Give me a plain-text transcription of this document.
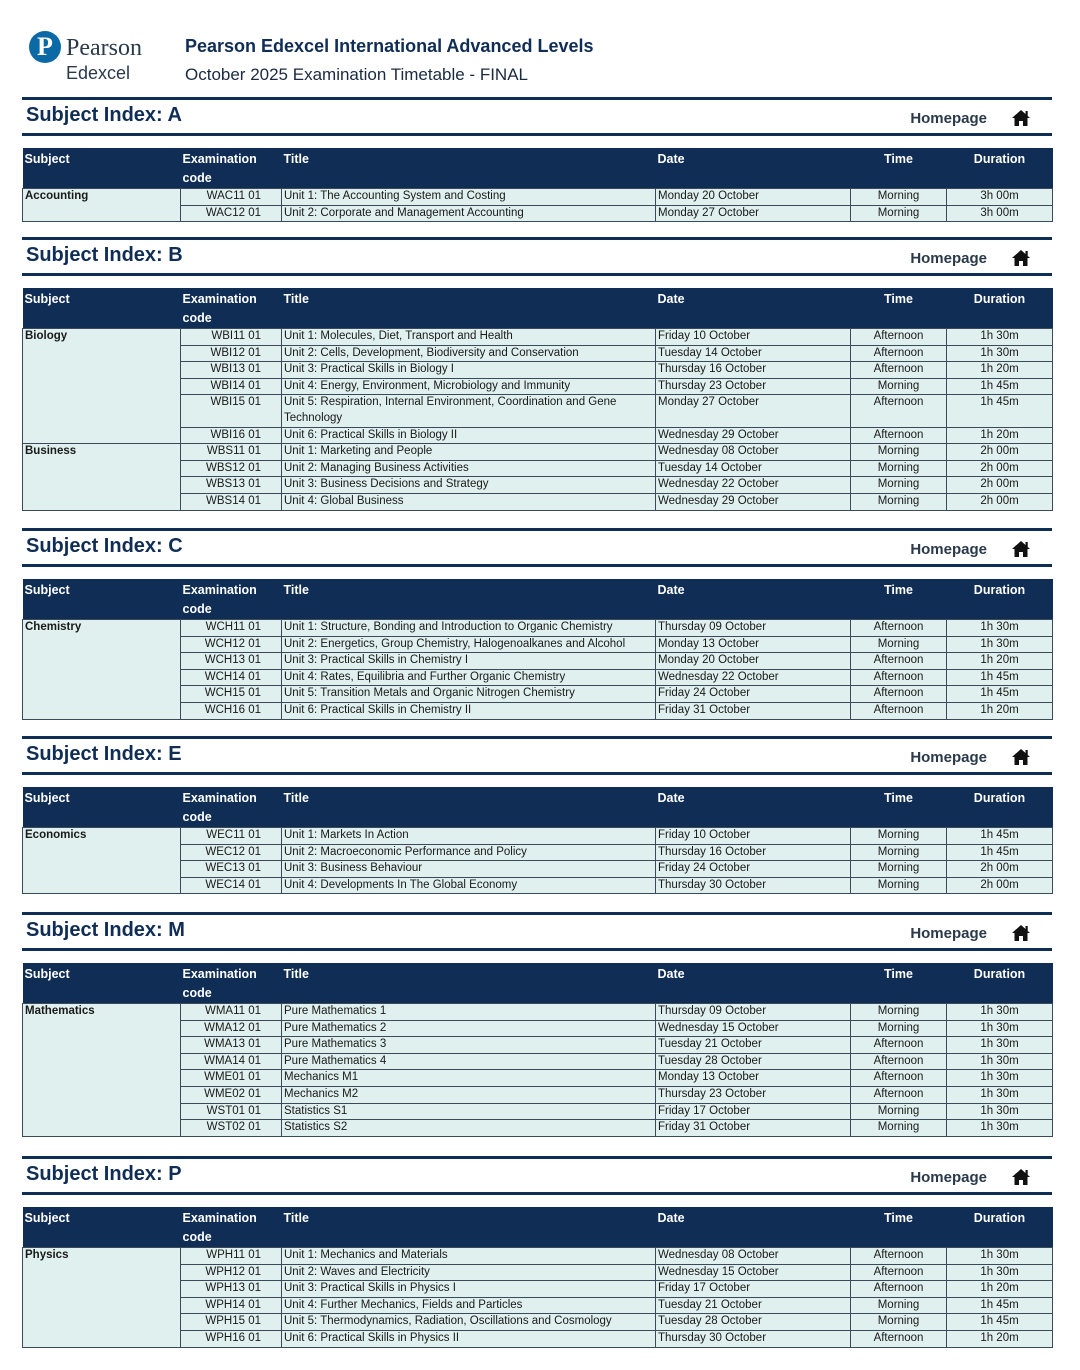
P Pearson
Edexcel
Pearson Edexcel International Advanced Levels
October 2025 Examination Timetable - FINAL
Subject Index: A	Homepage
Subject	Examination
code	Title	Date	Time	Duration
Accounting	WAC11 01	Unit 1: The Accounting System and Costing	Monday 20 October	Morning	3h 00m
	WAC12 01	Unit 2: Corporate and Management Accounting	Monday 27 October	Morning	3h 00m
Subject Index: B	Homepage
Subject	Examination
code	Title	Date	Time	Duration
Biology	WBI11 01	Unit 1: Molecules, Diet, Transport and Health	Friday 10 October	Afternoon	1h 30m
	WBI12 01	Unit 2: Cells, Development, Biodiversity and Conservation	Tuesday 14 October	Afternoon	1h 30m
	WBI13 01	Unit 3: Practical Skills in Biology I	Thursday 16 October	Afternoon	1h 20m
	WBI14 01	Unit 4: Energy, Environment, Microbiology and Immunity	Thursday 23 October	Morning	1h 45m
	WBI15 01	Unit 5: Respiration, Internal Environment, Coordination and Gene Technology	Monday 27 October	Afternoon	1h 45m
	WBI16 01	Unit 6: Practical Skills in Biology II	Wednesday 29 October	Afternoon	1h 20m
Business	WBS11 01	Unit 1: Marketing and People	Wednesday 08 October	Morning	2h 00m
	WBS12 01	Unit 2: Managing Business Activities	Tuesday 14 October	Morning	2h 00m
	WBS13 01	Unit 3: Business Decisions and Strategy	Wednesday 22 October	Morning	2h 00m
	WBS14 01	Unit 4: Global Business	Wednesday 29 October	Morning	2h 00m
Subject Index: C	Homepage
Subject	Examination
code	Title	Date	Time	Duration
Chemistry	WCH11 01	Unit 1: Structure, Bonding and Introduction to Organic Chemistry	Thursday 09 October	Afternoon	1h 30m
	WCH12 01	Unit 2: Energetics, Group Chemistry, Halogenoalkanes and Alcohol	Monday 13 October	Morning	1h 30m
	WCH13 01	Unit 3: Practical Skills in Chemistry I	Monday 20 October	Afternoon	1h 20m
	WCH14 01	Unit 4: Rates, Equilibria and Further Organic Chemistry	Wednesday 22 October	Afternoon	1h 45m
	WCH15 01	Unit 5: Transition Metals and Organic Nitrogen Chemistry	Friday 24 October	Afternoon	1h 45m
	WCH16 01	Unit 6: Practical Skills in Chemistry II	Friday 31 October	Afternoon	1h 20m
Subject Index: E	Homepage
Subject	Examination
code	Title	Date	Time	Duration
Economics	WEC11 01	Unit 1: Markets In Action	Friday 10 October	Morning	1h 45m
	WEC12 01	Unit 2: Macroeconomic Performance and Policy	Thursday 16 October	Morning	1h 45m
	WEC13 01	Unit 3: Business Behaviour	Friday 24 October	Morning	2h 00m
	WEC14 01	Unit 4: Developments In The Global Economy	Thursday 30 October	Morning	2h 00m
Subject Index: M	Homepage
Subject	Examination
code	Title	Date	Time	Duration
Mathematics	WMA11 01	Pure Mathematics 1	Thursday 09 October	Morning	1h 30m
	WMA12 01	Pure Mathematics 2	Wednesday 15 October	Morning	1h 30m
	WMA13 01	Pure Mathematics 3	Tuesday 21 October	Afternoon	1h 30m
	WMA14 01	Pure Mathematics 4	Tuesday 28 October	Afternoon	1h 30m
	WME01 01	Mechanics M1	Monday 13 October	Afternoon	1h 30m
	WME02 01	Mechanics M2	Thursday 23 October	Afternoon	1h 30m
	WST01 01	Statistics S1	Friday 17 October	Morning	1h 30m
	WST02 01	Statistics S2	Friday 31 October	Morning	1h 30m
Subject Index: P	Homepage
Subject	Examination
code	Title	Date	Time	Duration
Physics	WPH11 01	Unit 1: Mechanics and Materials	Wednesday 08 October	Afternoon	1h 30m
	WPH12 01	Unit 2: Waves and Electricity	Wednesday 15 October	Afternoon	1h 30m
	WPH13 01	Unit 3: Practical Skills in Physics I	Friday 17 October	Afternoon	1h 20m
	WPH14 01	Unit 4: Further Mechanics, Fields and Particles	Tuesday 21 October	Morning	1h 45m
	WPH15 01	Unit 5: Thermodynamics, Radiation, Oscillations and Cosmology	Tuesday 28 October	Morning	1h 45m
	WPH16 01	Unit 6: Practical Skills in Physics II	Thursday 30 October	Afternoon	1h 20m
